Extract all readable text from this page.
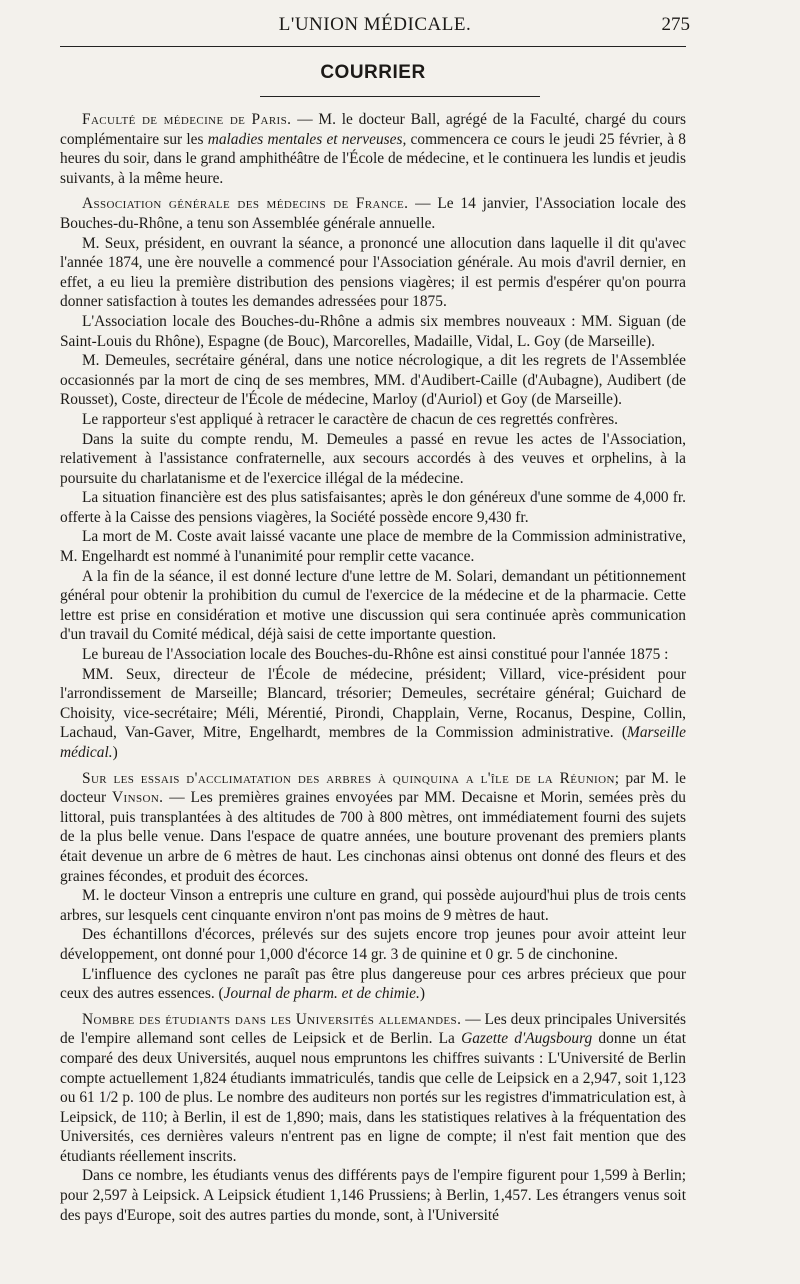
L'UNION MÉDICALE.	275
COURRIER

Faculté de médecine de Paris. — M. le docteur Ball, agrégé de la Faculté, chargé du cours complémentaire sur les maladies mentales et nerveuses, commencera ce cours le jeudi 25 février, à 8 heures du soir, dans le grand amphithéâtre de l'École de médecine, et le continuera les lundis et jeudis suivants, à la même heure.

Association générale des médecins de France. — Le 14 janvier, l'Association locale des Bouches-du-Rhône, a tenu son Assemblée générale annuelle.

M. Seux, président, en ouvrant la séance, a prononcé une allocution dans laquelle il dit qu'avec l'année 1874, une ère nouvelle a commencé pour l'Association générale. Au mois d'avril dernier, en effet, a eu lieu la première distribution des pensions viagères; il est permis d'espérer qu'on pourra donner satisfaction à toutes les demandes adressées pour 1875.

L'Association locale des Bouches-du-Rhône a admis six membres nouveaux : MM. Siguan (de Saint-Louis du Rhône), Espagne (de Bouc), Marcorelles, Madaille, Vidal, L. Goy (de Marseille).

M. Demeules, secrétaire général, dans une notice nécrologique, a dit les regrets de l'Assemblée occasionnés par la mort de cinq de ses membres, MM. d'Audibert-Caille (d'Aubagne), Audibert (de Rousset), Coste, directeur de l'École de médecine, Marloy (d'Auriol) et Goy (de Marseille).

Le rapporteur s'est appliqué à retracer le caractère de chacun de ces regrettés confrères.

Dans la suite du compte rendu, M. Demeules a passé en revue les actes de l'Association, relativement à l'assistance confraternelle, aux secours accordés à des veuves et orphelins, à la poursuite du charlatanisme et de l'exercice illégal de la médecine.

La situation financière est des plus satisfaisantes; après le don généreux d'une somme de 4,000 fr. offerte à la Caisse des pensions viagères, la Société possède encore 9,430 fr.

La mort de M. Coste avait laissé vacante une place de membre de la Commission administrative, M. Engelhardt est nommé à l'unanimité pour remplir cette vacance.

A la fin de la séance, il est donné lecture d'une lettre de M. Solari, demandant un pétitionnement général pour obtenir la prohibition du cumul de l'exercice de la médecine et de la pharmacie. Cette lettre est prise en considération et motive une discussion qui sera continuée après communication d'un travail du Comité médical, déjà saisi de cette importante question.

Le bureau de l'Association locale des Bouches-du-Rhône est ainsi constitué pour l'année 1875 :

MM. Seux, directeur de l'École de médecine, président; Villard, vice-président pour l'arrondissement de Marseille; Blancard, trésorier; Demeules, secrétaire général; Guichard de Choisity, vice-secrétaire; Méli, Mérentié, Pirondi, Chapplain, Verne, Rocanus, Despine, Collin, Lachaud, Van-Gaver, Mitre, Engelhardt, membres de la Commission administrative. (Marseille médical.)

Sur les essais d'acclimatation des arbres à quinquina a l'île de la Réunion; par M. le docteur Vinson. — Les premières graines envoyées par MM. Decaisne et Morin, semées près du littoral, puis transplantées à des altitudes de 700 à 800 mètres, ont immédiatement fourni des sujets de la plus belle venue. Dans l'espace de quatre années, une bouture provenant des premiers plants était devenue un arbre de 6 mètres de haut. Les cinchonas ainsi obtenus ont donné des fleurs et des graines fécondes, et produit des écorces.

M. le docteur Vinson a entrepris une culture en grand, qui possède aujourd'hui plus de trois cents arbres, sur lesquels cent cinquante environ n'ont pas moins de 9 mètres de haut.

Des échantillons d'écorces, prélevés sur des sujets encore trop jeunes pour avoir atteint leur développement, ont donné pour 1,000 d'écorce 14 gr. 3 de quinine et 0 gr. 5 de cinchonine.

L'influence des cyclones ne paraît pas être plus dangereuse pour ces arbres précieux que pour ceux des autres essences. (Journal de pharm. et de chimie.)

Nombre des étudiants dans les Universités allemandes. — Les deux principales Universités de l'empire allemand sont celles de Leipsick et de Berlin. La Gazette d'Augsbourg donne un état comparé des deux Universités, auquel nous empruntons les chiffres suivants : L'Université de Berlin compte actuellement 1,824 étudiants immatriculés, tandis que celle de Leipsick en a 2,947, soit 1,123 ou 61 1/2 p. 100 de plus. Le nombre des auditeurs non portés sur les registres d'immatriculation est, à Leipsick, de 110; à Berlin, il est de 1,890; mais, dans les statistiques relatives à la fréquentation des Universités, ces dernières valeurs n'entrent pas en ligne de compte; il n'est fait mention que des étudiants réellement inscrits.

Dans ce nombre, les étudiants venus des différents pays de l'empire figurent pour 1,599 à Berlin; pour 2,597 à Leipsick. A Leipsick étudient 1,146 Prussiens; à Berlin, 1,457. Les étrangers venus soit des pays d'Europe, soit des autres parties du monde, sont, à l'Université
